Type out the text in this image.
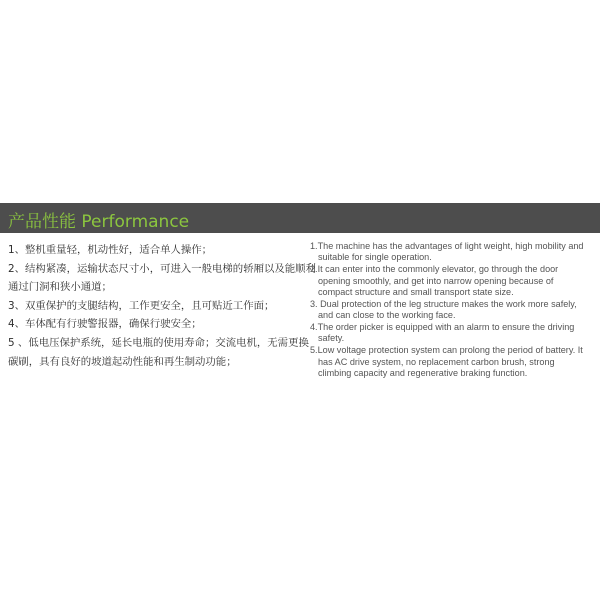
产品性能 Performance
1、整机重量轻，机动性好，适合单人操作；
2、结构紧凑，运输状态尺寸小，可进入一般电梯的轿厢以及能顺利
通过门洞和狭小通道；
3、双重保护的支腿结构，工作更安全，且可贴近工作面；
4、车体配有行驶警报器，确保行驶安全；
5 、低电压保护系统，延长电瓶的使用寿命；交流电机，无需更换
碳刷，具有良好的坡道起动性能和再生制动功能；
1.The machine has the advantages of light weight, high mobility and
suitable for single operation.
2.It can enter into the commonly elevator, go through the door
opening smoothly, and get into narrow opening because of
compact structure and small transport state size.
3. Dual protection of the leg structure makes the work more safely,
and can close to the working face.
4.The order picker is equipped with an alarm to ensure the driving
safety.
5.Low voltage protection system can prolong the period of battery. It
has AC drive system, no replacement carbon brush, strong
climbing capacity and regenerative braking function.
